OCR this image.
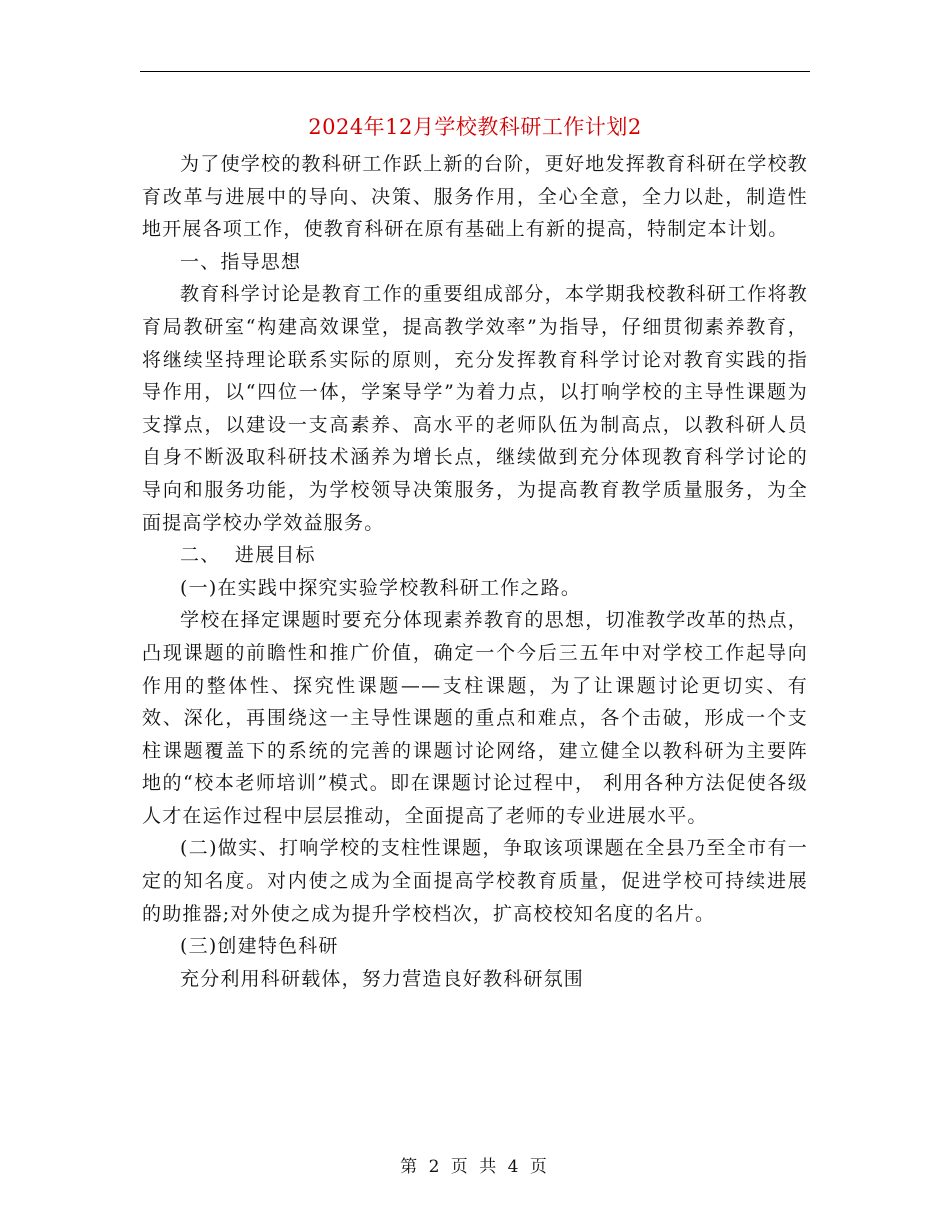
2024年12月学校教科研工作计划2

为了使学校的教科研工作跃上新的台阶，更好地发挥教育科研在学校教育改革与进展中的导向、决策、服务作用，全心全意，全力以赴，制造性地开展各项工作，使教育科研在原有基础上有新的提高，特制定本计划。

一、指导思想

教育科学讨论是教育工作的重要组成部分，本学期我校教科研工作将教育局教研室“构建高效课堂，提高教学效率”为指导，仔细贯彻素养教育，将继续坚持理论联系实际的原则，充分发挥教育科学讨论对教育实践的指导作用，以“四位一体，学案导学”为着力点，以打响学校的主导性课题为支撑点，以建设一支高素养、高水平的老师队伍为制高点，以教科研人员自身不断汲取科研技术涵养为增长点，继续做到充分体现教育科学讨论的导向和服务功能，为学校领导决策服务，为提高教育教学质量服务，为全面提高学校办学效益服务。

二、  进展目标

(一)在实践中探究实验学校教科研工作之路。

学校在择定课题时要充分体现素养教育的思想，切准教学改革的热点，凸现课题的前瞻性和推广价值，确定一个今后三五年中对学校工作起导向作用的整体性、探究性课题——支柱课题，为了让课题讨论更切实、有效、深化，再围绕这一主导性课题的重点和难点，各个击破，形成一个支柱课题覆盖下的系统的完善的课题讨论网络，建立健全以教科研为主要阵地的“校本老师培训”模式。即在课题讨论过程中， 利用各种方法促使各级人才在运作过程中层层推动，全面提高了老师的专业进展水平。

(二)做实、打响学校的支柱性课题，争取该项课题在全县乃至全市有一定的知名度。对内使之成为全面提高学校教育质量，促进学校可持续进展的助推器;对外使之成为提升学校档次，扩高校校知名度的名片。

(三)创建特色科研

充分利用科研载体，努力营造良好教科研氛围

第 2 页 共 4 页
